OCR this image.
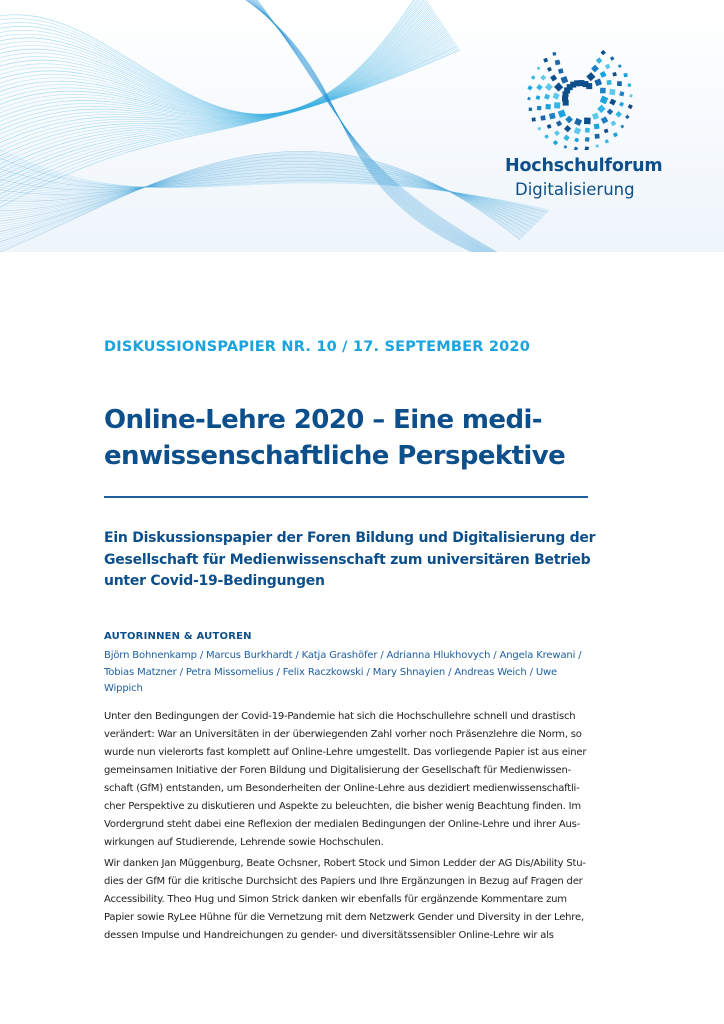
Hochschulforum
Digitalisierung
DISKUSSIONSPAPIER NR. 10 / 17. SEPTEMBER 2020
Online-Lehre 2020 – Eine medi-
enwissenschaftliche Perspektive
Ein Diskussionspapier der Foren Bildung und Digitalisierung der
Gesellschaft für Medienwissenschaft zum universitären Betrieb
unter Covid-19-Bedingungen
AUTORINNEN & AUTOREN
Björn Bohnenkamp / Marcus Burkhardt / Katja Grashöfer / Adrianna Hlukhovych / Angela Krewani /
Tobias Matzner / Petra Missomelius / Felix Raczkowski / Mary Shnayien / Andreas Weich / Uwe
Wippich
Unter den Bedingungen der Covid-19-Pandemie hat sich die Hochschullehre schnell und drastisch
verändert: War an Universitäten in der überwiegenden Zahl vorher noch Präsenzlehre die Norm, so
wurde nun vielerorts fast komplett auf Online-Lehre umgestellt. Das vorliegende Papier ist aus einer
gemeinsamen Initiative der Foren Bildung und Digitalisierung der Gesellschaft für Medienwissen-
schaft (GfM) entstanden, um Besonderheiten der Online-Lehre aus dezidiert medienwissenschaftli-
cher Perspektive zu diskutieren und Aspekte zu beleuchten, die bisher wenig Beachtung finden. Im
Vordergrund steht dabei eine Reflexion der medialen Bedingungen der Online-Lehre und ihrer Aus-
wirkungen auf Studierende, Lehrende sowie Hochschulen.
Wir danken Jan Müggenburg, Beate Ochsner, Robert Stock und Simon Ledder der AG Dis/Ability Stu-
dies der GfM für die kritische Durchsicht des Papiers und Ihre Ergänzungen in Bezug auf Fragen der
Accessibility. Theo Hug und Simon Strick danken wir ebenfalls für ergänzende Kommentare zum
Papier sowie RyLee Hühne für die Vernetzung mit dem Netzwerk Gender und Diversity in der Lehre,
dessen Impulse und Handreichungen zu gender- und diversitätssensibler Online-Lehre wir als
